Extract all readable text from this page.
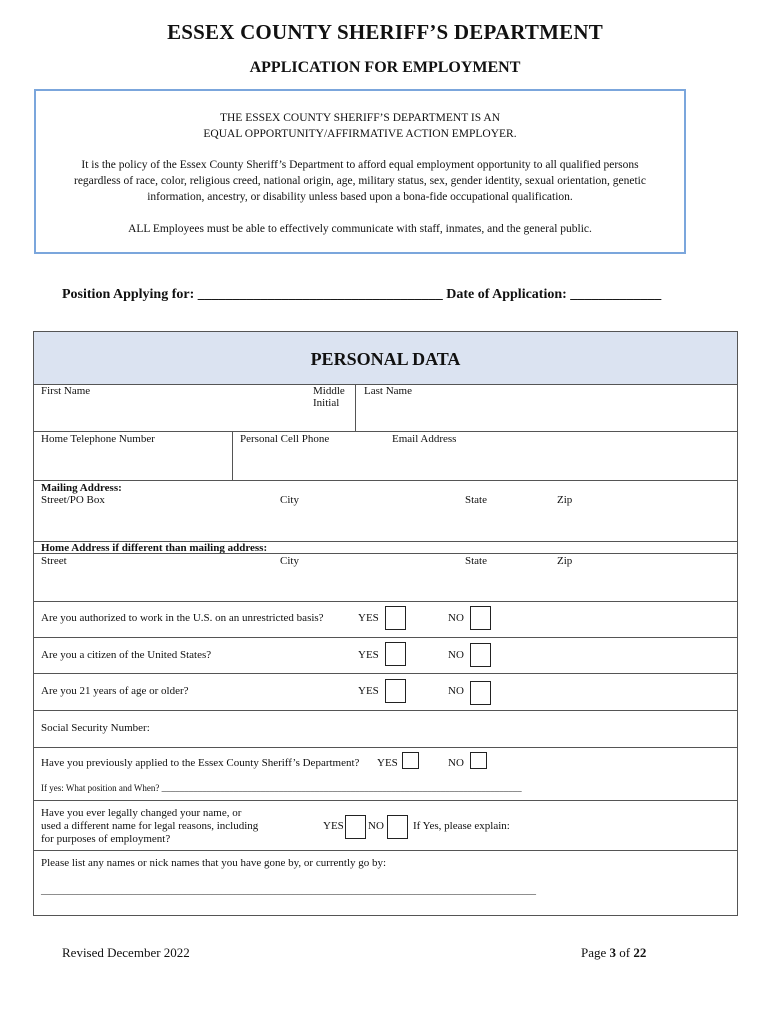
ESSEX COUNTY SHERIFF’S DEPARTMENT
APPLICATION FOR EMPLOYMENT
THE ESSEX COUNTY SHERIFF’S DEPARTMENT IS AN
EQUAL OPPORTUNITY/AFFIRMATIVE ACTION EMPLOYER.
It is the policy of the Essex County Sheriff’s Department to afford equal employment opportunity to all qualified persons
regardless of race, color, religious creed, national origin, age, military status, sex, gender identity, sexual orientation, genetic
information, ancestry, or disability unless based upon a bona-fide occupational qualification.
ALL Employees must be able to effectively communicate with staff, inmates, and the general public.
Position Applying for: ___________________________________ Date of Application: _____________
PERSONAL DATA
First Name	Middle
Initial
Last Name
Home Telephone Number	Personal Cell Phone	Email Address
Mailing Address:
Street/PO Box	City	State	Zip
Home Address if different than mailing address:
Street	City	State	Zip
Are you authorized to work in the U.S. on an unrestricted basis?	YES	NO
Are you a citizen of the United States?	YES	NO
Are you 21 years of age or older?	YES	NO
Social Security Number:
Have you previously applied to the Essex County Sheriff’s Department? YES	NO
If yes: What position and When? ________________________________________________________________________________
Have you ever legally changed your name, or
used a different name for legal reasons, including
for purposes of employment?
YES NO	If Yes, please explain:
Please list any names or nick names that you have gone by, or currently go by:
______________________________________________________________________________________________________________
Revised December 2022	Page 3 of 22
